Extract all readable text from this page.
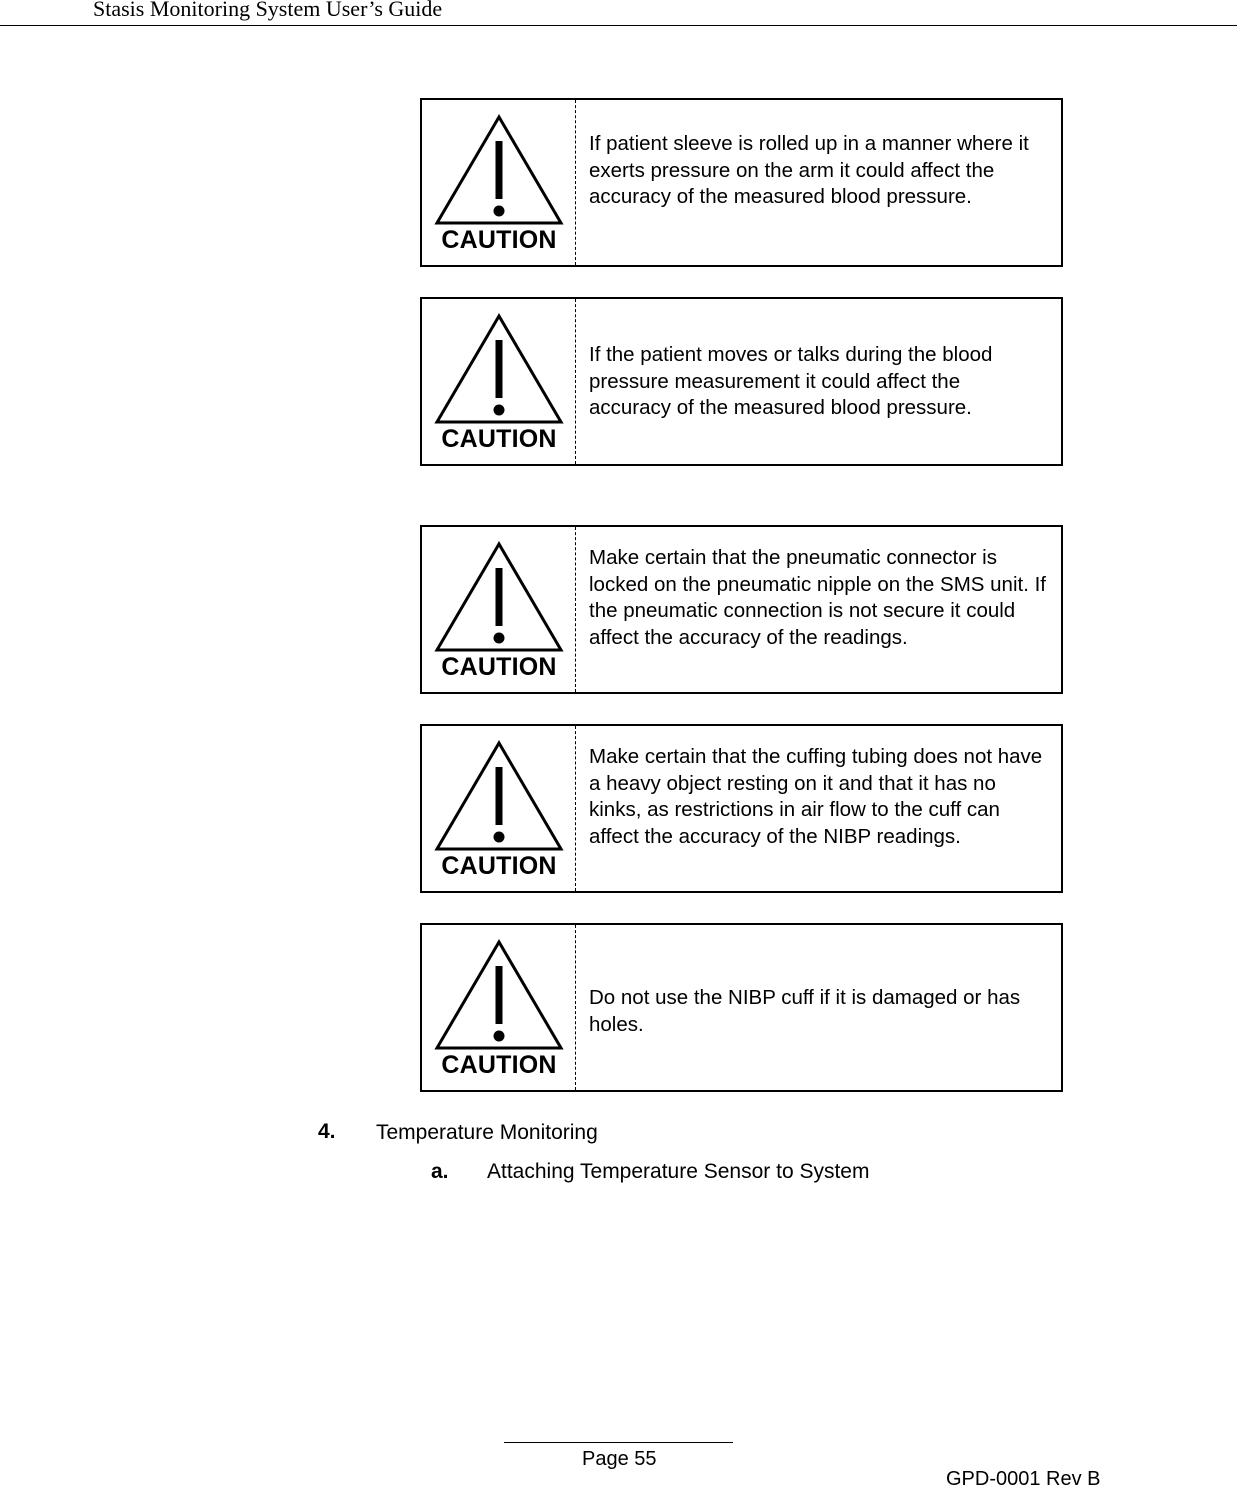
Stasis Monitoring System User’s Guide
CAUTION
If patient sleeve is rolled up in a manner where it exerts pressure on the arm it could affect the accuracy of the measured blood pressure.
CAUTION
If the patient moves or talks during the blood pressure measurement it could affect the accuracy of the measured blood pressure.
CAUTION
Make certain that the pneumatic connector is locked on the pneumatic nipple on the SMS unit. If the pneumatic connection is not secure it could affect the accuracy of the readings.
CAUTION
Make certain that the cuffing tubing does not have a heavy object resting on it and that it has no kinks, as restrictions in air flow to the cuff can affect the accuracy of the NIBP readings.
CAUTION
Do not use the NIBP cuff if it is damaged or has holes.
4. Temperature Monitoring
a. Attaching Temperature Sensor to System
Page 55
GPD-0001 Rev B
